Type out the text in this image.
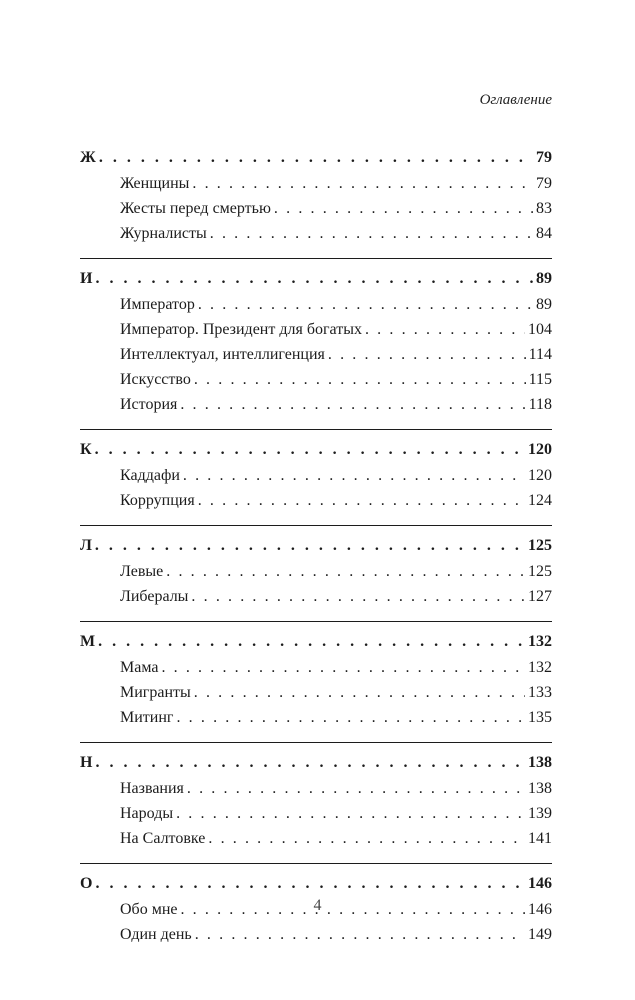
Оглавление
Ж . . .	79
Женщины . . .	79
Жесты перед смертью . . .	83
Журналисты . . .	84
И . . .	89
Император . . .	89
Император. Президент для богатых . . .	104
Интеллектуал, интеллигенция . . .	114
Искусство . . .	115
История . . .	118
К . . .	120
Каддафи . . .	120
Коррупция . . .	124
Л . . .	125
Левые . . .	125
Либералы . . .	127
М . . .	132
Мама . . .	132
Мигранты . . .	133
Митинг . . .	135
Н . . .	138
Названия . . .	138
Народы . . .	139
На Салтовке . . .	141
О . . .	146
Обо мне . . .	146
Один день . . .	149
4
